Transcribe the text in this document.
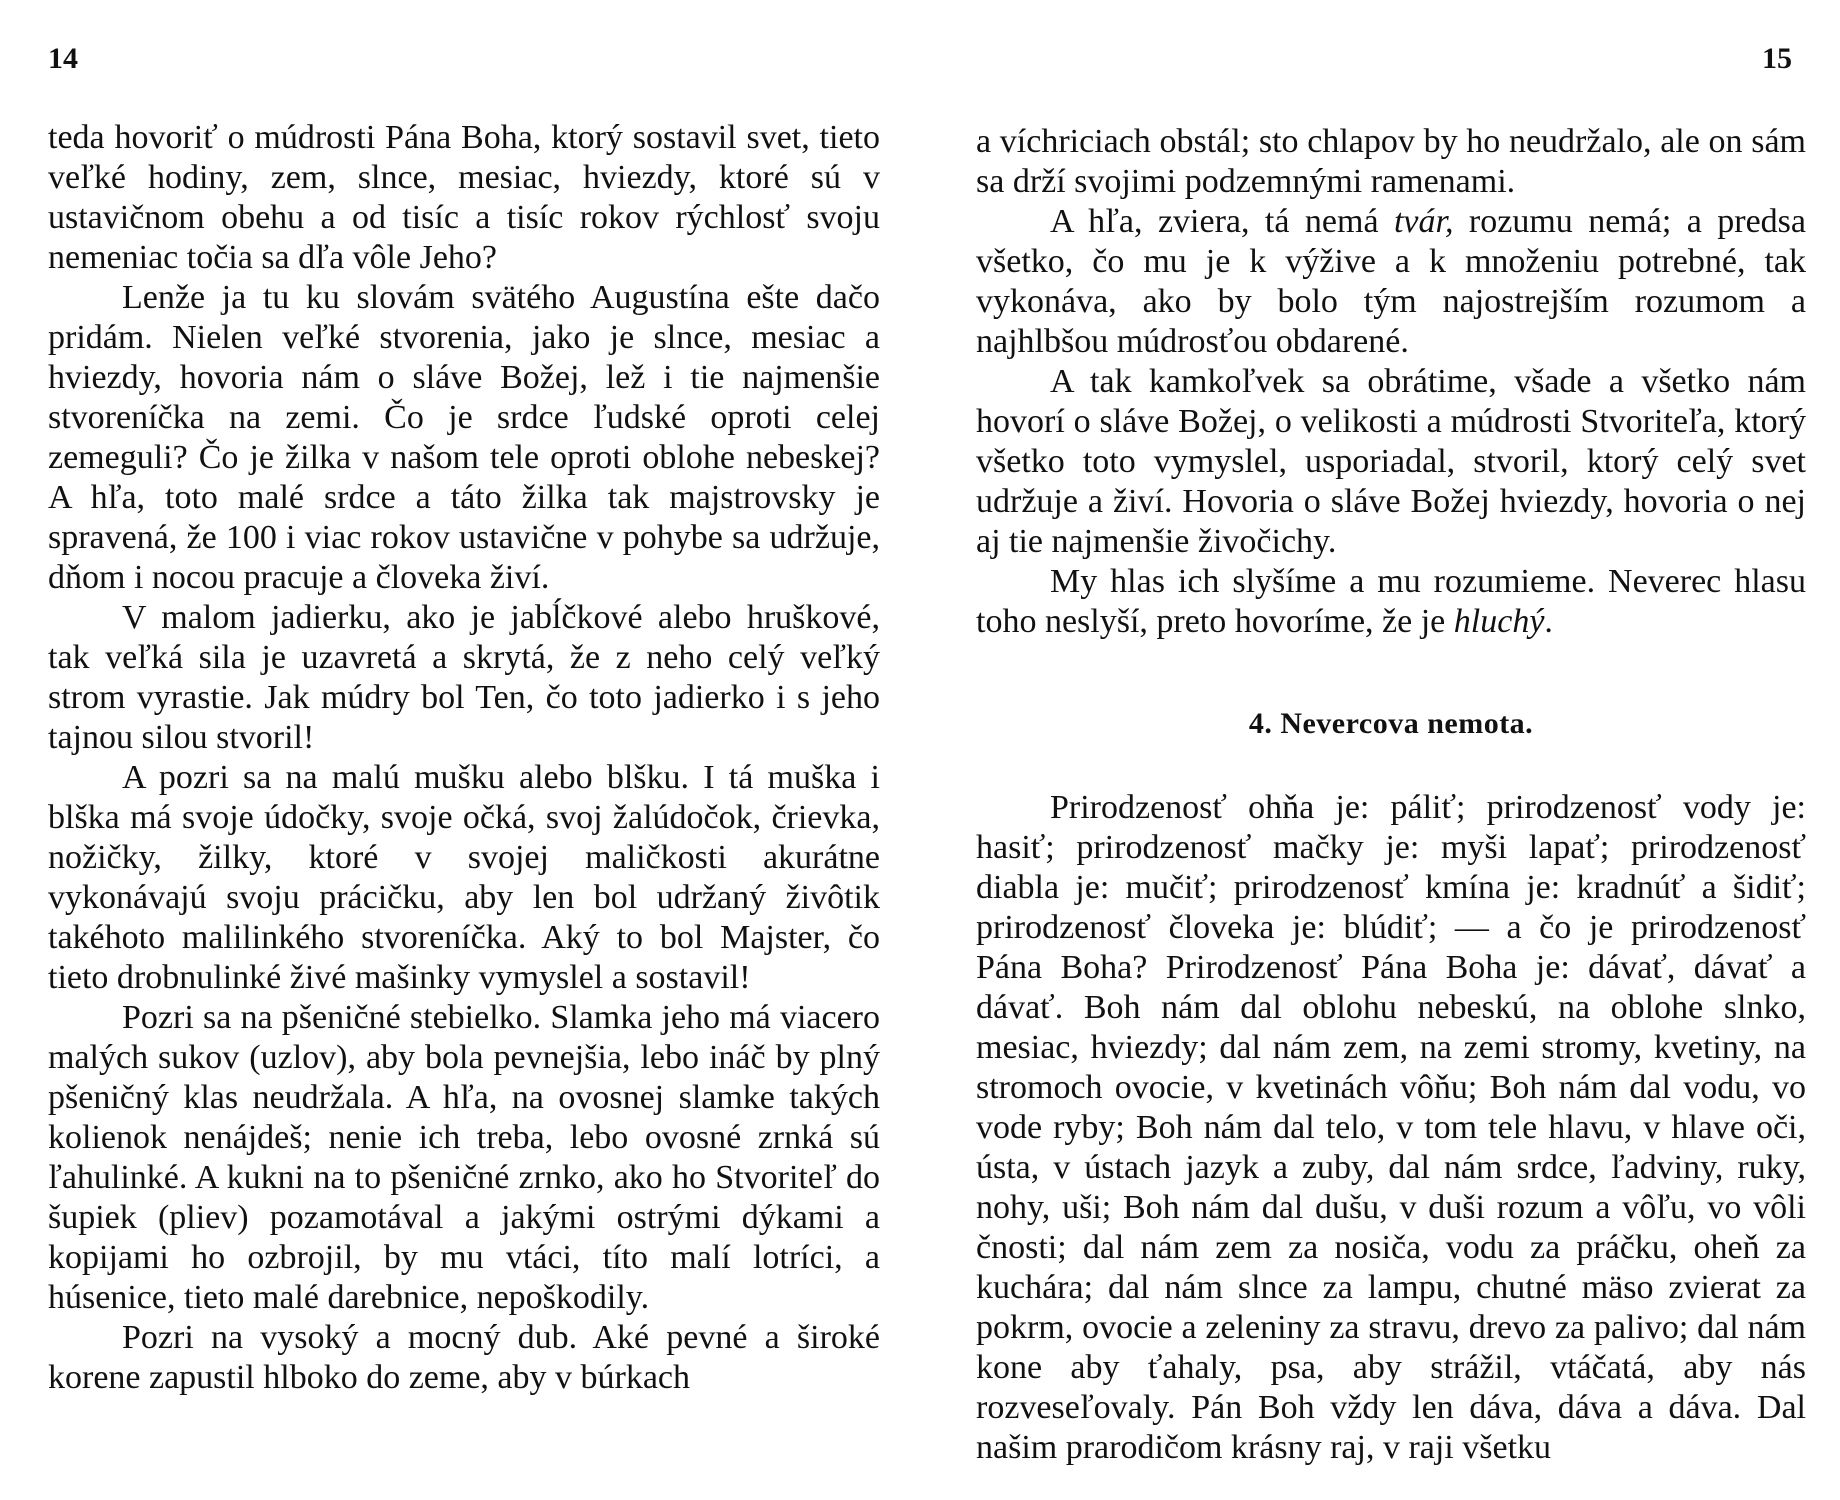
14

teda hovoriť o múdrosti Pána Boha, ktorý sostavil svet, tieto veľké hodiny, zem, slnce, mesiac, hviezdy, ktoré sú v ustavičnom obehu a od tisíc a tisíc rokov rýchlosť svoju nemeniac točia sa dľa vôle Jeho?

Lenže ja tu ku slovám svätého Augustína ešte dačo pridám. Nielen veľké stvorenia, jako je slnce, mesiac a hviezdy, hovoria nám o sláve Božej, lež i tie najmenšie stvoreníčka na zemi. Čo je srdce ľudské oproti celej zemeguli? Čo je žilka v našom tele oproti oblohe nebeskej? A hľa, toto malé srdce a táto žilka tak majstrovsky je spravená, že 100 i viac rokov ustavične v pohybe sa udržuje, dňom i nocou pracuje a človeka živí.

V malom jadierku, ako je jabĺčkové alebo hruškové, tak veľká sila je uzavretá a skrytá, že z neho celý veľký strom vyrastie. Jak múdry bol Ten, čo toto jadierko i s jeho tajnou silou stvoril!

A pozri sa na malú mušku alebo blšku. I tá muška i blška má svoje údočky, svoje očká, svoj žalúdočok, črievka, nožičky, žilky, ktoré v svojej maličkosti akurátne vykonávajú svoju prácičku, aby len bol udržaný živôtik takéhoto malilinkého stvoreníčka. Aký to bol Majster, čo tieto drobnulinké živé mašinky vymyslel a sostavil!

Pozri sa na pšeničné stebielko. Slamka jeho má viacero malých sukov (uzlov), aby bola pevnejšia, lebo ináč by plný pšeničný klas neudržala. A hľa, na ovosnej slamke takých kolienok nenájdeš; nenie ich treba, lebo ovosné zrnká sú ľahulinké. A kukni na to pšeničné zrnko, ako ho Stvoriteľ do šupiek (pliev) pozamotával a jakými ostrými dýkami a kopijami ho ozbrojil, by mu vtáci, títo malí lotríci, a húsenice, tieto malé darebnice, nepoškodily.

Pozri na vysoký a mocný dub. Aké pevné a široké korene zapustil hlboko do zeme, aby v búrkach

15

a víchriciach obstál; sto chlapov by ho neudržalo, ale on sám sa drží svojimi podzemnými ramenami.

A hľa, zviera, tá nemá tvár, rozumu nemá; a predsa všetko, čo mu je k výžive a k množeniu potrebné, tak vykonáva, ako by bolo tým najostrejším rozumom a najhlbšou múdrosťou obdarené.

A tak kamkoľvek sa obrátime, všade a všetko nám hovorí o sláve Božej, o velikosti a múdrosti Stvoriteľa, ktorý všetko toto vymyslel, usporiadal, stvoril, ktorý celý svet udržuje a živí. Hovoria o sláve Božej hviezdy, hovoria o nej aj tie najmenšie živočichy.

My hlas ich slyšíme a mu rozumieme. Neverec hlasu toho neslyší, preto hovoríme, že je hluchý.

4. Nevercova nemota.

Prirodzenosť ohňa je: páliť; prirodzenosť vody je: hasiť; prirodzenosť mačky je: myši lapať; prirodzenosť diabla je: mučiť; prirodzenosť kmína je: kradnúť a šidiť; prirodzenosť človeka je: blúdiť; — a čo je prirodzenosť Pána Boha? Prirodzenosť Pána Boha je: dávať, dávať a dávať. Boh nám dal oblohu nebeskú, na oblohe slnko, mesiac, hviezdy; dal nám zem, na zemi stromy, kvetiny, na stromoch ovocie, v kvetinách vôňu; Boh nám dal vodu, vo vode ryby; Boh nám dal telo, v tom tele hlavu, v hlave oči, ústa, v ústach jazyk a zuby, dal nám srdce, ľadviny, ruky, nohy, uši; Boh nám dal dušu, v duši rozum a vôľu, vo vôli čnosti; dal nám zem za nosiča, vodu za práčku, oheň za kuchára; dal nám slnce za lampu, chutné mäso zvierat za pokrm, ovocie a zeleniny za stravu, drevo za palivo; dal nám kone aby ťahaly, psa, aby strážil, vtáčatá, aby nás rozveseľovaly. Pán Boh vždy len dáva, dáva a dáva. Dal našim prarodičom krásny raj, v raji všetku
